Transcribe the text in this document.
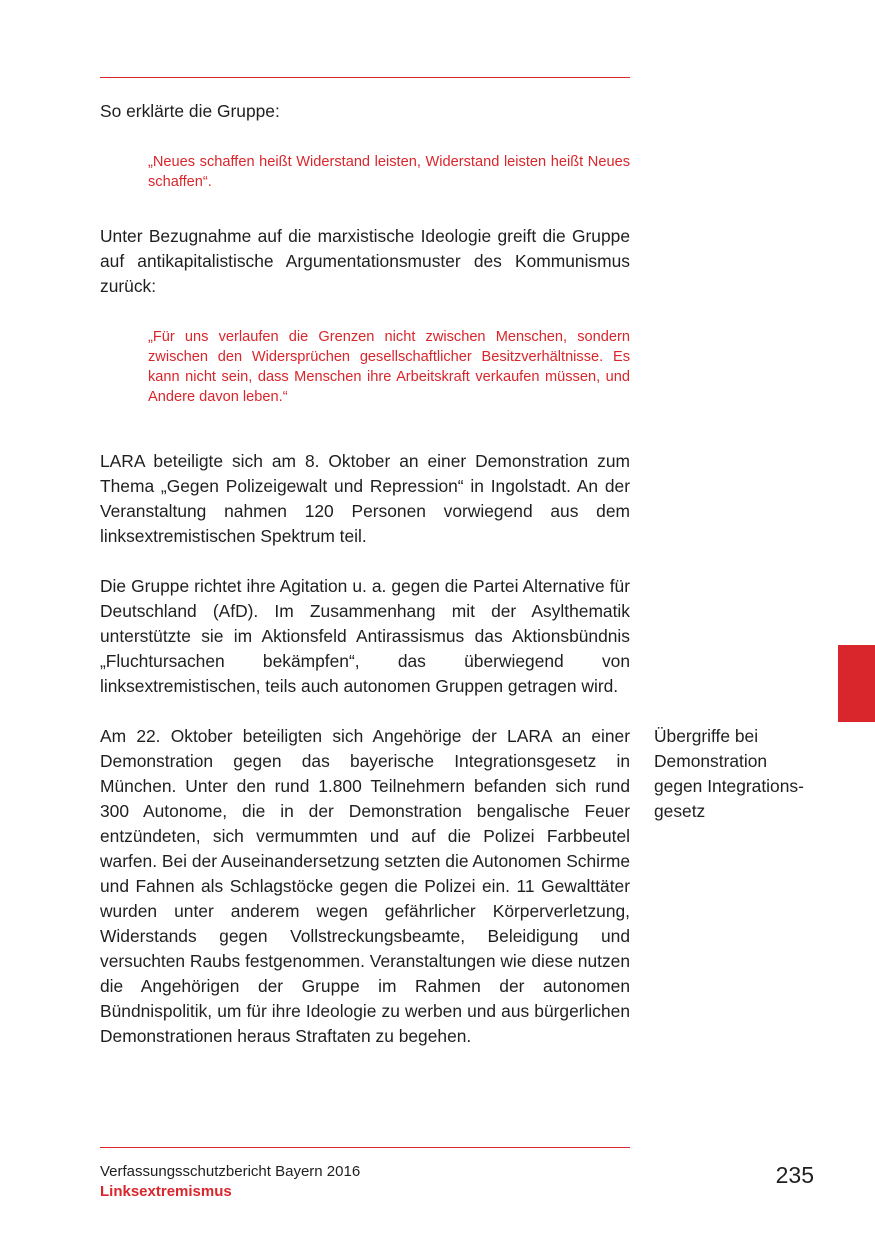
So erklärte die Gruppe:

„Neues schaffen heißt Widerstand leisten, Widerstand leisten heißt Neues schaffen“.

Unter Bezugnahme auf die marxistische Ideologie greift die Gruppe auf antikapitalistische Argumentationsmuster des Kommunismus zurück:

„Für uns verlaufen die Grenzen nicht zwischen Menschen, sondern zwischen den Widersprüchen gesellschaftlicher Besitzverhältnisse. Es kann nicht sein, dass Menschen ihre Arbeitskraft verkaufen müssen, und Andere davon leben.“

LARA beteiligte sich am 8. Oktober an einer Demonstration zum Thema „Gegen Polizeigewalt und Repression“ in Ingolstadt. An der Veranstaltung nahmen 120 Personen vorwiegend aus dem linksextremistischen Spektrum teil.

Die Gruppe richtet ihre Agitation u. a. gegen die Partei Alternative für Deutschland (AfD). Im Zusammenhang mit der Asylthematik unterstützte sie im Aktionsfeld Antirassismus das Aktionsbündnis „Fluchtursachen bekämpfen“, das überwiegend von linksextremistischen, teils auch autonomen Gruppen getragen wird.

Am 22. Oktober beteiligten sich Angehörige der LARA an einer Demonstration gegen das bayerische Integrationsgesetz in München. Unter den rund 1.800 Teilnehmern befanden sich rund 300 Autonome, die in der Demonstration bengalische Feuer entzündeten, sich vermummten und auf die Polizei Farbbeutel warfen. Bei der Auseinandersetzung setzten die Autonomen Schirme und Fahnen als Schlagstöcke gegen die Polizei ein. 11 Gewalttäter wurden unter anderem wegen gefährlicher Körperverletzung, Widerstands gegen Vollstreckungsbeamte, Beleidigung und versuchten Raubs festgenommen. Veranstaltungen wie diese nutzen die Angehörigen der Gruppe im Rahmen der autonomen Bündnispolitik, um für ihre Ideologie zu werben und aus bürgerlichen Demonstrationen heraus Straftaten zu begehen.

Übergriffe bei
Demonstration
gegen Integrations-
gesetz
Verfassungsschutzbericht Bayern 2016
Linksextremismus
235
